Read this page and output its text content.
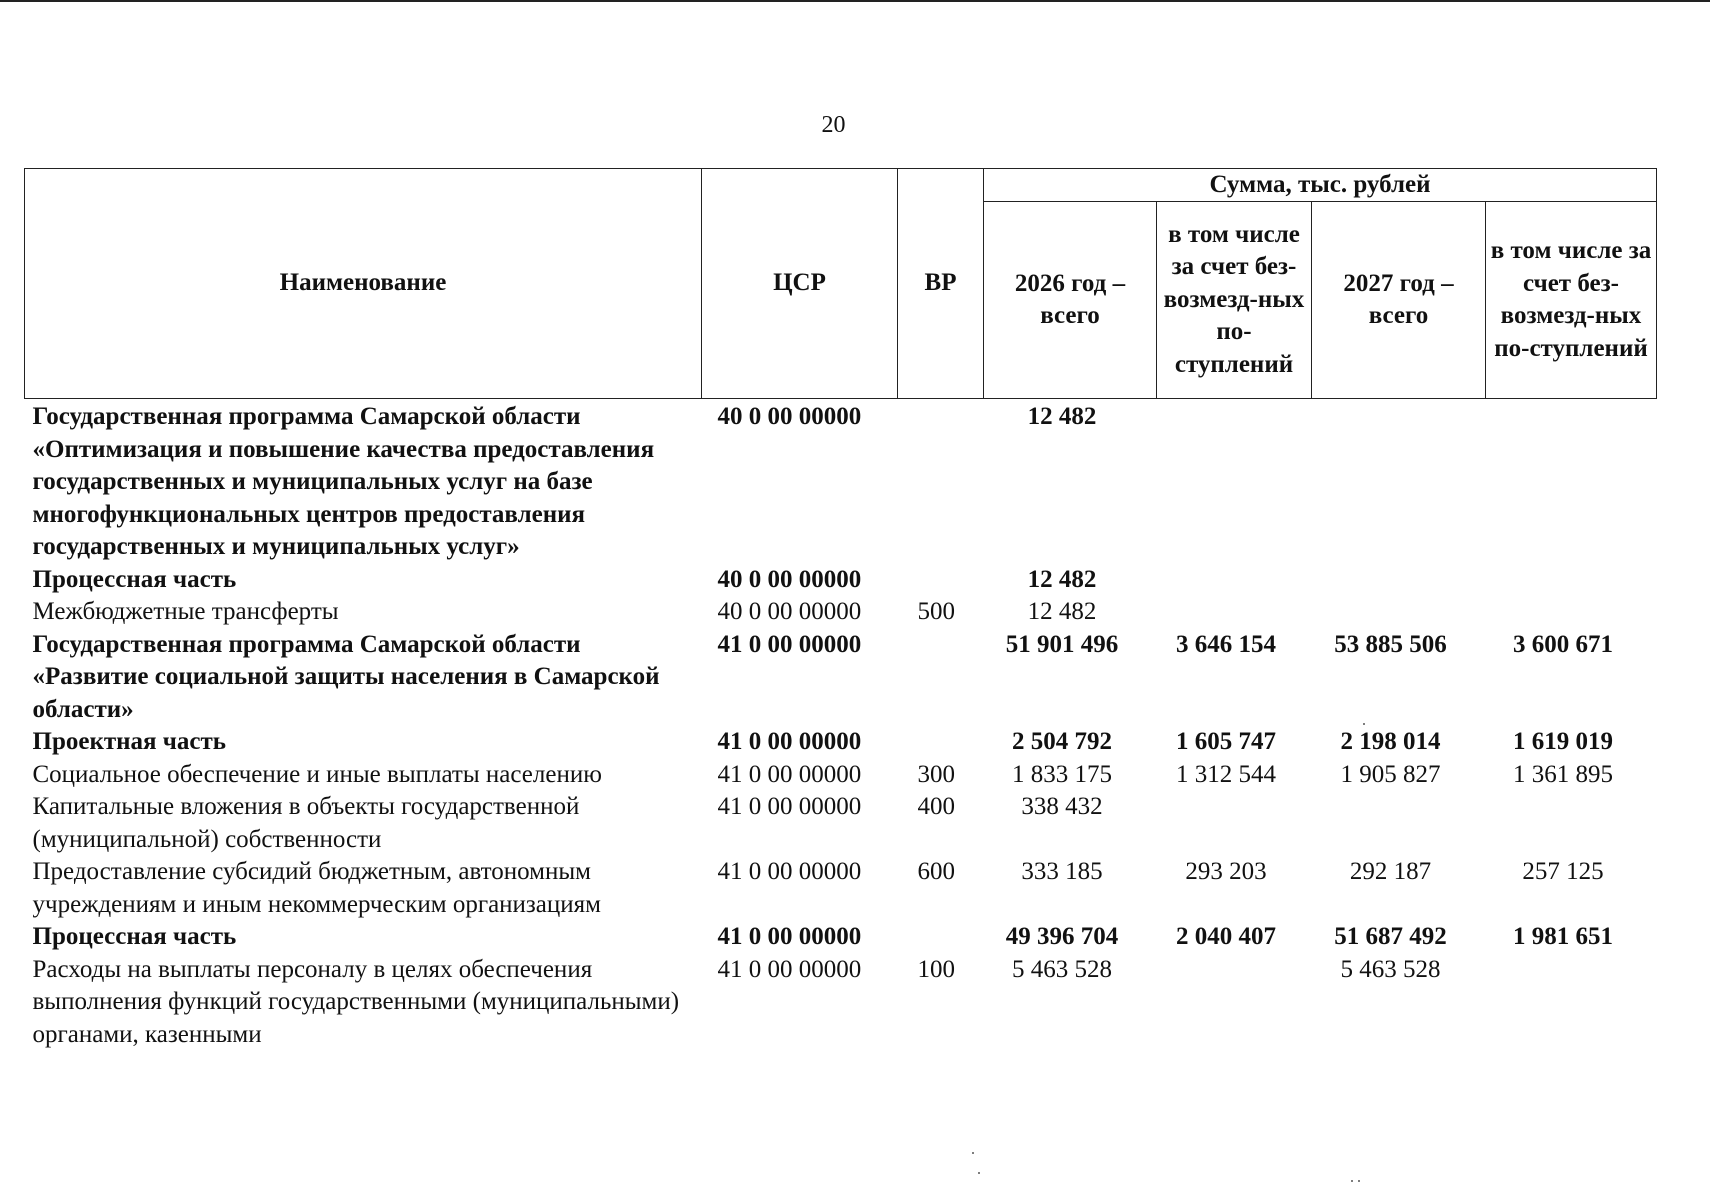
20
Наименование	ЦСР	ВР	Сумма, тыс. рублей			
			2026 год – всего	в том числе за счет без-возмезд-ных по-ступлений	2027 год – всего	в том числе за счет без-возмезд-ных по-ступлений
Государственная программа Самарской области «Оптимизация и повышение качества предоставления государственных и муниципальных услуг на базе многофункциональных центров предоставления государственных и муниципальных услуг»	40 0 00 00000		12 482			
Процессная часть	40 0 00 00000		12 482			
Межбюджетные трансферты	40 0 00 00000	500	12 482			
Государственная программа Самарской области «Развитие социальной защиты населения в Самарской области»	41 0 00 00000		51 901 496	3 646 154	53 885 506	3 600 671
Проектная часть	41 0 00 00000		2 504 792	1 605 747	2 198 014	1 619 019
Социальное обеспечение и иные выплаты населению	41 0 00 00000	300	1 833 175	1 312 544	1 905 827	1 361 895
Капитальные вложения в объекты государственной (муниципальной) собственности	41 0 00 00000	400	338 432			
Предоставление субсидий бюджетным, автономным учреждениям и иным некоммерческим организациям	41 0 00 00000	600	333 185	293 203	292 187	257 125
Процессная часть	41 0 00 00000		49 396 704	2 040 407	51 687 492	1 981 651
Расходы на выплаты персоналу в целях обеспечения выполнения функций государственными (муниципальными) органами, казенными	41 0 00 00000	100	5 463 528		5 463 528	
